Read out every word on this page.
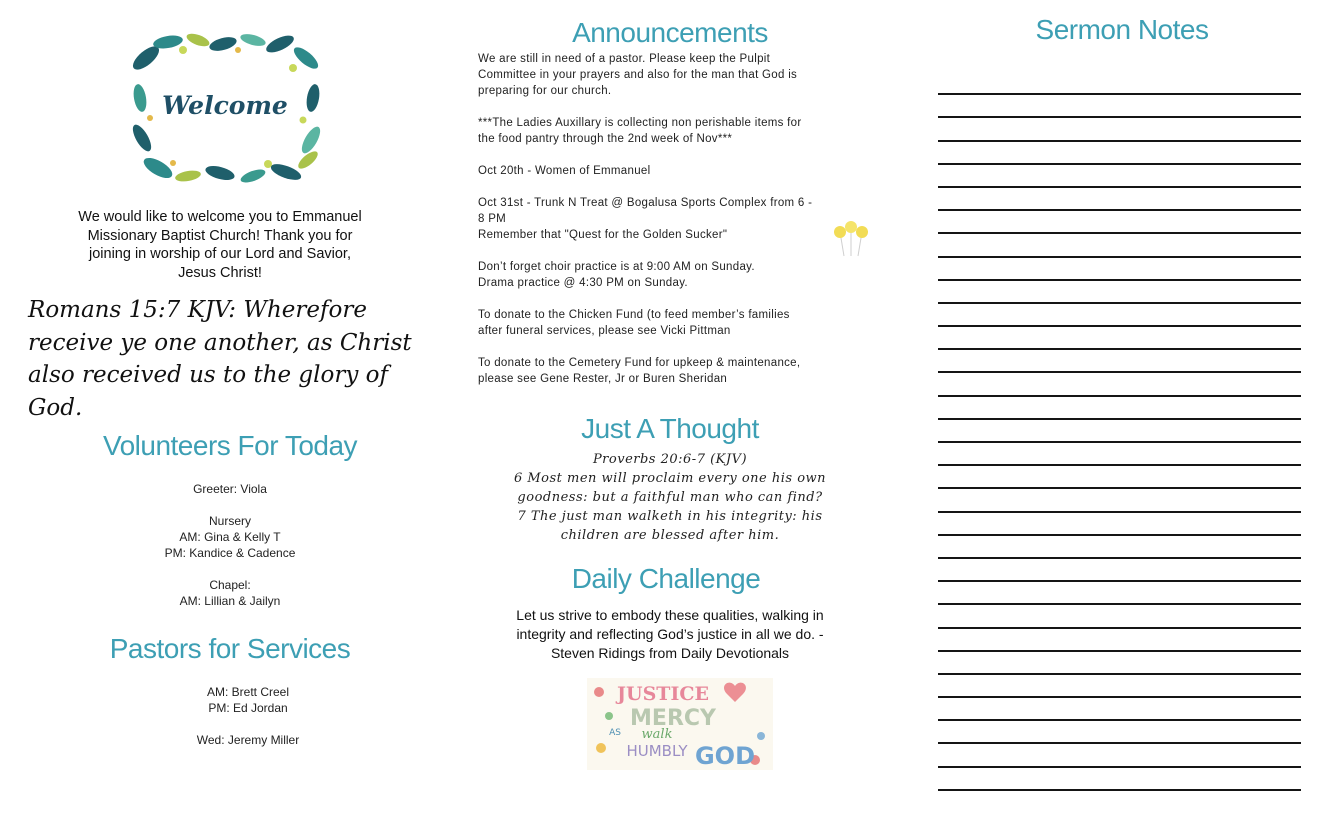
Welcome
We would like to welcome you to Emmanuel
Missionary Baptist Church! Thank you for
joining in worship of our Lord and Savior,
Jesus Christ!
Romans 15:7 KJV: Wherefore
receive ye one another, as Christ
also received us to the glory of
God.
Volunteers For Today
Greeter: Viola
Nursery
AM: Gina & Kelly T
PM: Kandice & Cadence
Chapel:
AM: Lillian & Jailyn
Pastors for Services
AM: Brett Creel
PM: Ed Jordan
Wed: Jeremy Miller
Announcements
We are still in need of a pastor. Please keep the Pulpit
Committee in your prayers and also for the man that God is
preparing for our church.
***The Ladies Auxillary is collecting non perishable items for
the food pantry through the 2nd week of Nov***
Oct 20th - Women of Emmanuel
Oct 31st - Trunk N Treat @ Bogalusa Sports Complex from 6 -
8 PM
Remember that "Quest for the Golden Sucker"
Don’t forget choir practice is at 9:00 AM on Sunday.
Drama practice @ 4:30 PM on Sunday.
To donate to the Chicken Fund (to feed member’s families
after funeral services, please see Vicki Pittman
To donate to the Cemetery Fund for upkeep & maintenance,
please see Gene Rester, Jr or Buren Sheridan
Just A Thought
Proverbs 20:6-7 (KJV)
6 Most men will proclaim every one his own
goodness: but a faithful man who can find?
7 The just man walketh in his integrity: his
children are blessed after him.
Daily Challenge
Let us strive to embody these qualities, walking in
integrity and reflecting God’s justice in all we do. -
Steven Ridings from Daily Devotionals
JUSTICE
MERCY
AS walk
HUMBLY GOD
Sermon Notes
